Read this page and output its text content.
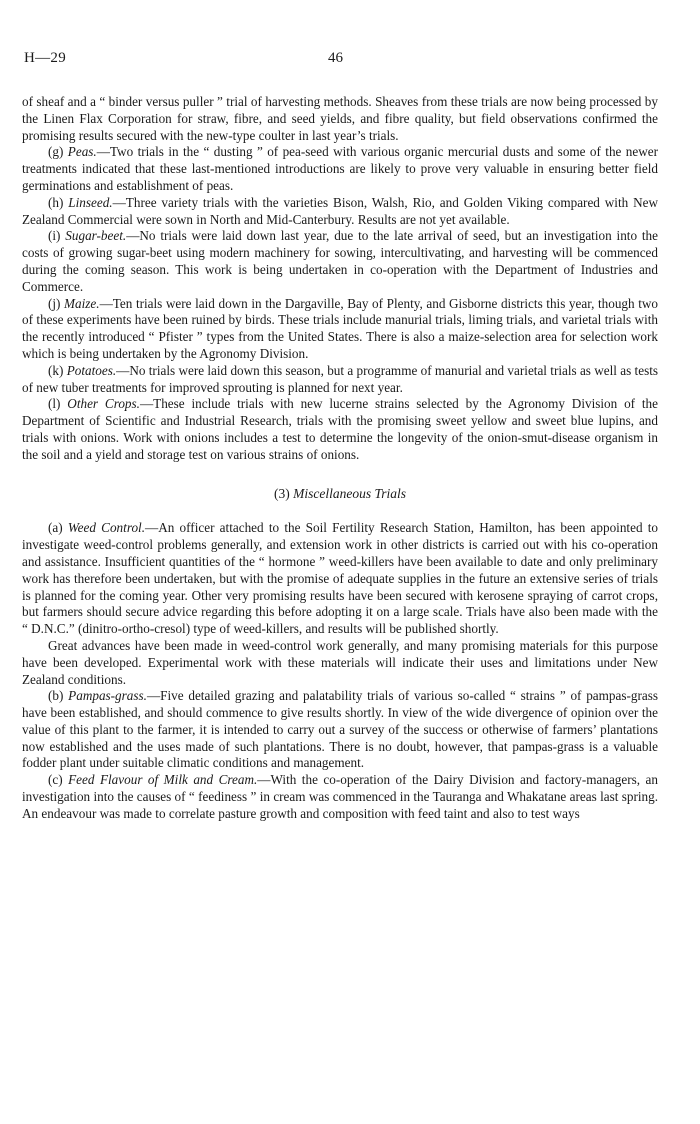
H—29	46

of sheaf and a “ binder versus puller ” trial of harvesting methods. Sheaves from these trials are now being processed by the Linen Flax Corporation for straw, fibre, and seed yields, and fibre quality, but field observations confirmed the promising results secured with the new-type coulter in last year’s trials.

(g) Peas.—Two trials in the “ dusting ” of pea-seed with various organic mercurial dusts and some of the newer treatments indicated that these last-mentioned introductions are likely to prove very valuable in ensuring better field germinations and establishment of peas.

(h) Linseed.—Three variety trials with the varieties Bison, Walsh, Rio, and Golden Viking compared with New Zealand Commercial were sown in North and Mid-Canterbury. Results are not yet available.

(i) Sugar-beet.—No trials were laid down last year, due to the late arrival of seed, but an investigation into the costs of growing sugar-beet using modern machinery for sowing, intercultivating, and harvesting will be commenced during the coming season. This work is being undertaken in co-operation with the Department of Industries and Commerce.

(j) Maize.—Ten trials were laid down in the Dargaville, Bay of Plenty, and Gisborne districts this year, though two of these experiments have been ruined by birds. These trials include manurial trials, liming trials, and varietal trials with the recently introduced “ Pfister ” types from the United States. There is also a maize-selection area for selection work which is being undertaken by the Agronomy Division.

(k) Potatoes.—No trials were laid down this season, but a programme of manurial and varietal trials as well as tests of new tuber treatments for improved sprouting is planned for next year.

(l) Other Crops.—These include trials with new lucerne strains selected by the Agronomy Division of the Department of Scientific and Industrial Research, trials with the promising sweet yellow and sweet blue lupins, and trials with onions. Work with onions includes a test to determine the longevity of the onion-smut-disease organism in the soil and a yield and storage test on various strains of onions.

(3) Miscellaneous Trials

(a) Weed Control.—An officer attached to the Soil Fertility Research Station, Hamilton, has been appointed to investigate weed-control problems generally, and extension work in other districts is carried out with his co-operation and assistance. Insufficient quantities of the “ hormone ” weed-killers have been available to date and only preliminary work has therefore been undertaken, but with the promise of adequate supplies in the future an extensive series of trials is planned for the coming year. Other very promising results have been secured with kerosene spraying of carrot crops, but farmers should secure advice regarding this before adopting it on a large scale. Trials have also been made with the “ D.N.C.” (dinitro-ortho-cresol) type of weed-killers, and results will be published shortly.

Great advances have been made in weed-control work generally, and many promising materials for this purpose have been developed. Experimental work with these materials will indicate their uses and limitations under New Zealand conditions.

(b) Pampas-grass.—Five detailed grazing and palatability trials of various so-called “ strains ” of pampas-grass have been established, and should commence to give results shortly. In view of the wide divergence of opinion over the value of this plant to the farmer, it is intended to carry out a survey of the success or otherwise of farmers’ plantations now established and the uses made of such plantations. There is no doubt, however, that pampas-grass is a valuable fodder plant under suitable climatic conditions and management.

(c) Feed Flavour of Milk and Cream.—With the co-operation of the Dairy Division and factory-managers, an investigation into the causes of “ feediness ” in cream was commenced in the Tauranga and Whakatane areas last spring. An endeavour was made to correlate pasture growth and composition with feed taint and also to test ways
